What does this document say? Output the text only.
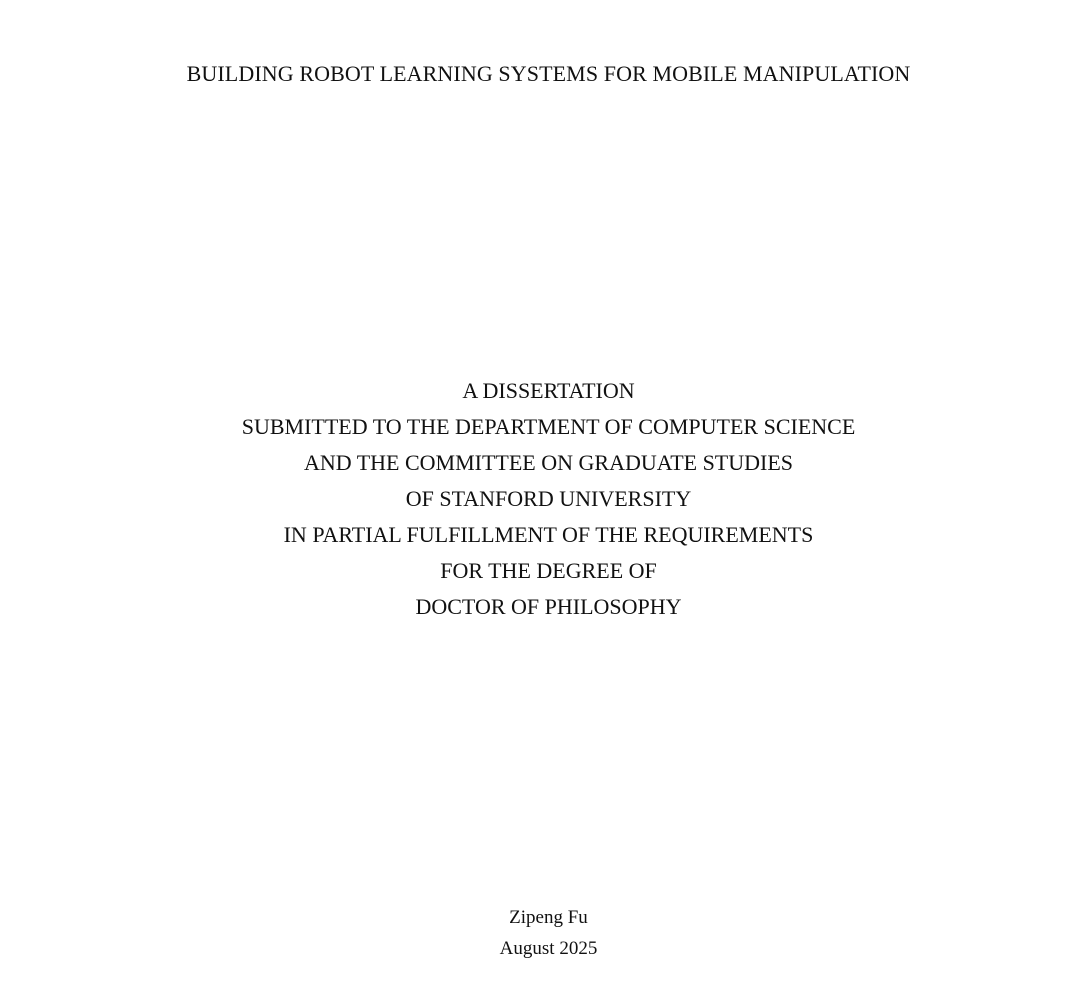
BUILDING ROBOT LEARNING SYSTEMS FOR MOBILE MANIPULATION
A DISSERTATION
SUBMITTED TO THE DEPARTMENT OF COMPUTER SCIENCE
AND THE COMMITTEE ON GRADUATE STUDIES
OF STANFORD UNIVERSITY
IN PARTIAL FULFILLMENT OF THE REQUIREMENTS
FOR THE DEGREE OF
DOCTOR OF PHILOSOPHY
Zipeng Fu
August 2025
